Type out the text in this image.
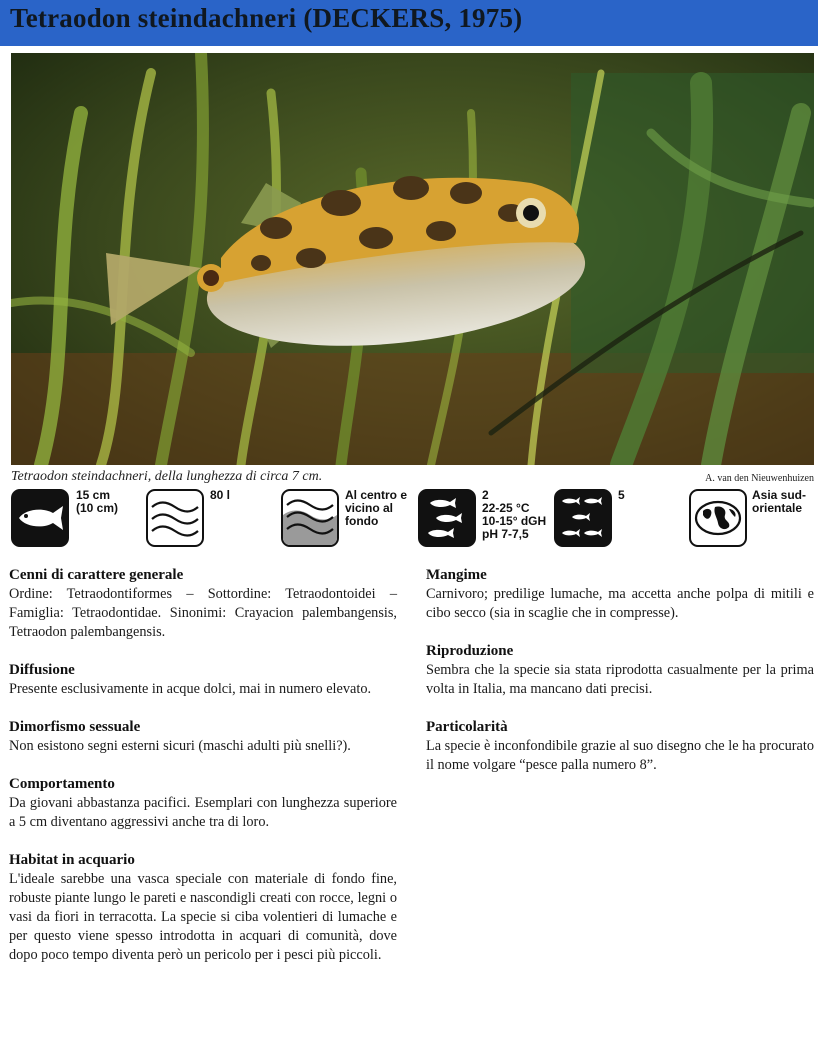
Tetraodon steindachneri (DECKERS, 1975)
Tetraodon steindachneri, della lunghezza di circa 7 cm.	A. van den Nieuwenhuizen
15 cm
(10 cm)
80 l	Al centro e
vicino al
fondo
2
22-25 °C
10-15° dGH
pH 7-7,5
5	Asia sud-
orientale
Cenni di carattere generale

Ordine: Tetraodontiformes – Sottordine: Tetraodontoidei – Famiglia: Tetraodontidae. Sinonimi: Crayacion palembangensis, Tetraodon palembangensis.

Diffusione

Presente esclusivamente in acque dolci, mai in numero elevato.

Dimorfismo sessuale

Non esistono segni esterni sicuri (maschi adulti più snelli?).

Comportamento

Da giovani abbastanza pacifici. Esemplari con lunghezza superiore a 5 cm diventano aggressivi anche tra di loro.

Habitat in acquario

L'ideale sarebbe una vasca speciale con materiale di fondo fine, robuste piante lungo le pareti e nascondigli creati con rocce, legni o vasi da fiori in terracotta. La specie si ciba volentieri di lumache e per questo viene spesso introdotta in acquari di comunità, dove dopo poco tempo diventa però un pericolo per i pesci più piccoli.

Mangime

Carnivoro; predilige lumache, ma accetta anche polpa di mitili e cibo secco (sia in scaglie che in compresse).

Riproduzione

Sembra che la specie sia stata riprodotta casualmente per la prima volta in Italia, ma mancano dati precisi.

Particolarità

La specie è inconfondibile grazie al suo disegno che le ha procurato il nome volgare “pesce palla numero 8”.
